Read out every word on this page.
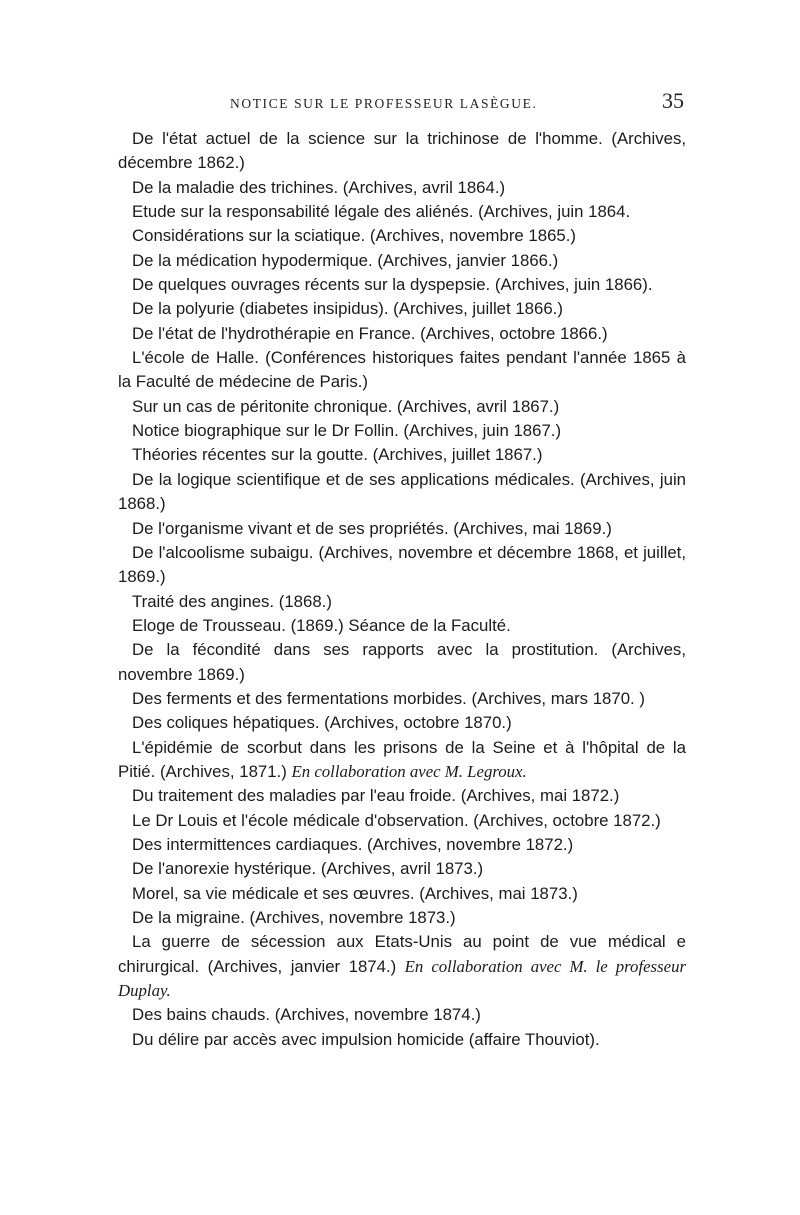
NOTICE SUR LE PROFESSEUR LASÈGUE.	35

De l'état actuel de la science sur la trichinose de l'homme. (Archives, décembre 1862.)

De la maladie des trichines. (Archives, avril 1864.)

Etude sur la responsabilité légale des aliénés. (Archives, juin 1864.

Considérations sur la sciatique. (Archives, novembre 1865.)

De la médication hypodermique. (Archives, janvier 1866.)

De quelques ouvrages récents sur la dyspepsie. (Archives, juin 1866).

De la polyurie (diabetes insipidus). (Archives, juillet 1866.)

De l'état de l'hydrothérapie en France. (Archives, octobre 1866.)

L'école de Halle. (Conférences historiques faites pendant l'année 1865 à la Faculté de médecine de Paris.)

Sur un cas de péritonite chronique. (Archives, avril 1867.)

Notice biographique sur le Dr Follin. (Archives, juin 1867.)

Théories récentes sur la goutte. (Archives, juillet 1867.)

De la logique scientifique et de ses applications médicales. (Archives, juin 1868.)

De l'organisme vivant et de ses propriétés. (Archives, mai 1869.)

De l'alcoolisme subaigu. (Archives, novembre et décembre 1868, et juillet, 1869.)

Traité des angines. (1868.)

Eloge de Trousseau. (1869.) Séance de la Faculté.

De la fécondité dans ses rapports avec la prostitution. (Archives, novembre 1869.)

Des ferments et des fermentations morbides. (Archives, mars 1870. )

Des coliques hépatiques. (Archives, octobre 1870.)

L'épidémie de scorbut dans les prisons de la Seine et à l'hôpital de la Pitié. (Archives, 1871.) En collaboration avec M. Legroux.

Du traitement des maladies par l'eau froide. (Archives, mai 1872.)

Le Dr Louis et l'école médicale d'observation. (Archives, octobre 1872.)

Des intermittences cardiaques. (Archives, novembre 1872.)

De l'anorexie hystérique. (Archives, avril 1873.)

Morel, sa vie médicale et ses œuvres. (Archives, mai 1873.)

De la migraine. (Archives, novembre 1873.)

La guerre de sécession aux Etats-Unis au point de vue médical e chirurgical. (Archives, janvier 1874.) En collaboration avec M. le professeur Duplay.

Des bains chauds. (Archives, novembre 1874.)

Du délire par accès avec impulsion homicide (affaire Thouviot).
